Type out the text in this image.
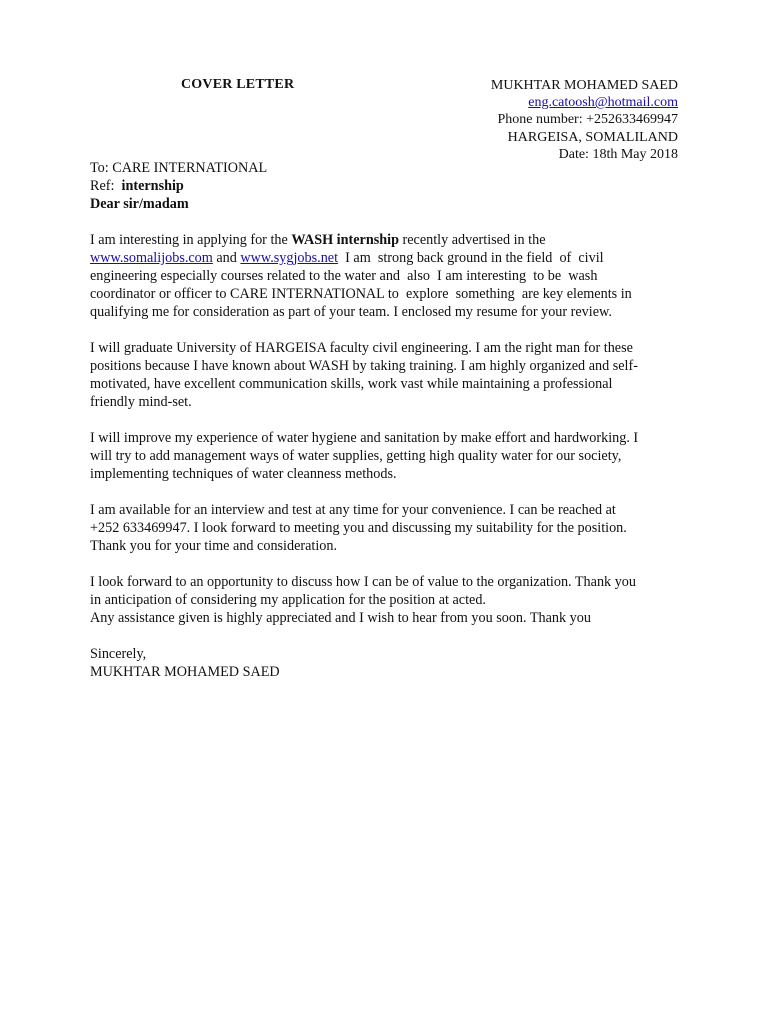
COVER LETTER	MUKHTAR MOHAMED SAED
eng.catoosh@hotmail.com
Phone number: +252633469947
HARGEISA, SOMALILAND
Date: 18th May 2018
To: CARE INTERNATIONAL
Ref: internship
Dear sir/madam
I am interesting in applying for the WASH internship recently advertised in the
www.somalijobs.com and www.sygjobs.net  I am  strong back ground in the field  of  civil
engineering especially courses related to the water and  also  I am interesting  to be  wash
coordinator or officer to CARE INTERNATIONAL to  explore  something  are key elements in
qualifying me for consideration as part of your team. I enclosed my resume for your review.
I will graduate University of HARGEISA faculty civil engineering. I am the right man for these
positions because I have known about WASH by taking training. I am highly organized and self-
motivated, have excellent communication skills, work vast while maintaining a professional
friendly mind-set.
I will improve my experience of water hygiene and sanitation by make effort and hardworking. I
will try to add management ways of water supplies, getting high quality water for our society,
implementing techniques of water cleanness methods.
I am available for an interview and test at any time for your convenience. I can be reached at
+252 633469947. I look forward to meeting you and discussing my suitability for the position.
Thank you for your time and consideration.
I look forward to an opportunity to discuss how I can be of value to the organization. Thank you
in anticipation of considering my application for the position at acted.
Any assistance given is highly appreciated and I wish to hear from you soon. Thank you
Sincerely,
MUKHTAR MOHAMED SAED
